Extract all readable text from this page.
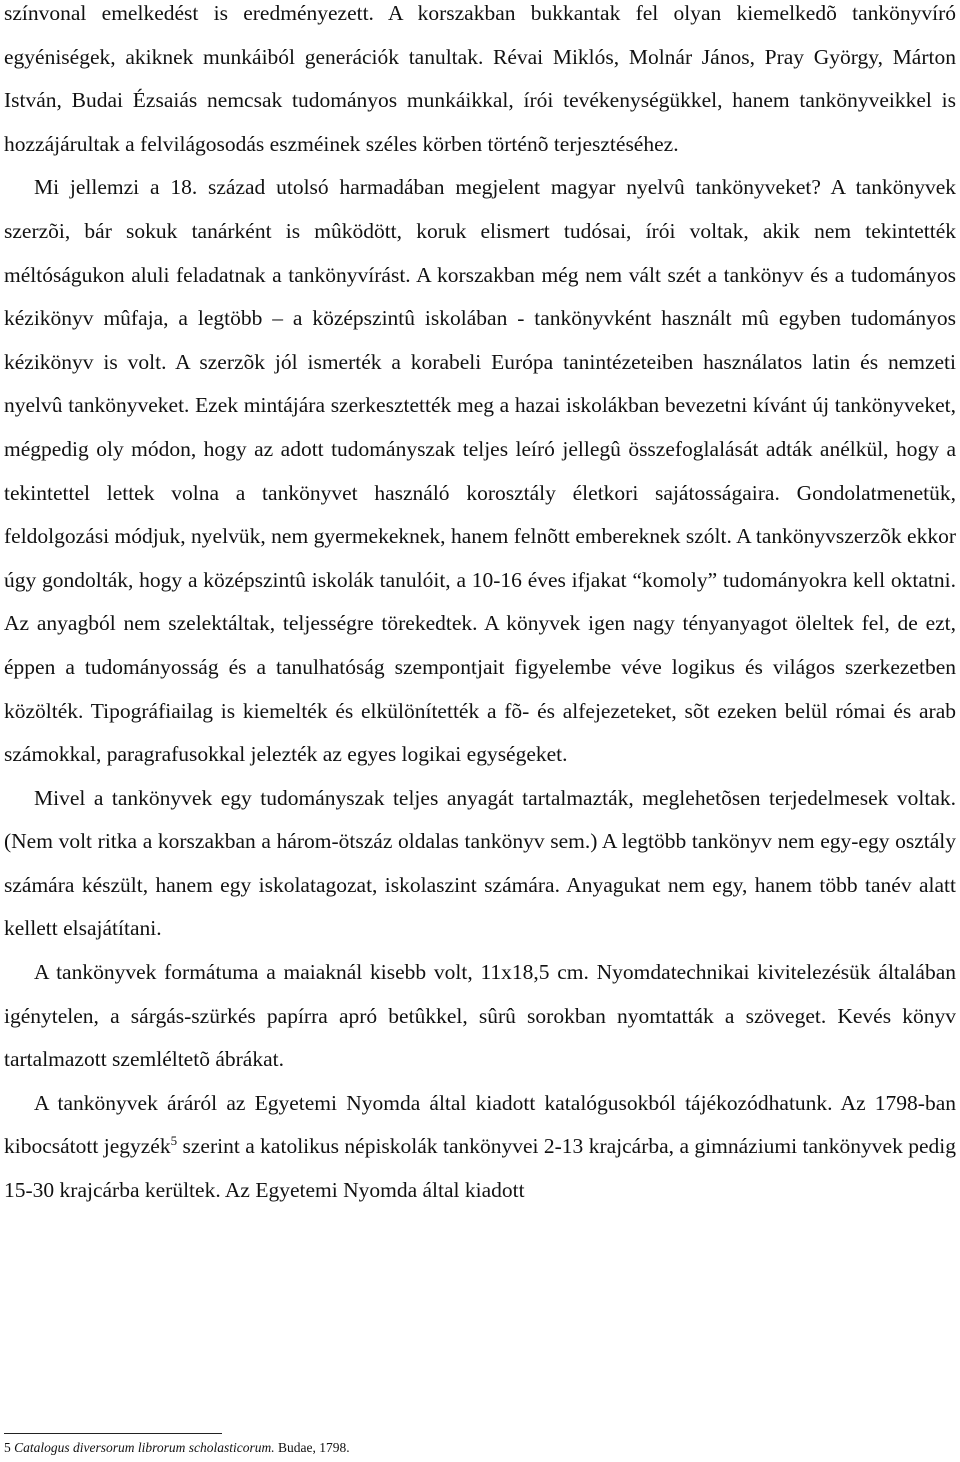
színvonal emelkedést is eredményezett. A korszakban bukkantak fel olyan kiemelkedõ tankönyvíró egyéniségek, akiknek munkáiból generációk tanultak. Révai Miklós, Molnár János, Pray György, Márton István, Budai Ézsaiás nemcsak tudományos munkáikkal, írói tevékenységükkel, hanem tankönyveikkel is hozzájárultak a felvilágosodás eszméinek széles körben történõ terjesztéséhez.

Mi jellemzi a 18. század utolsó harmadában megjelent magyar nyelvû tankönyveket? A tankönyvek szerzõi, bár sokuk tanárként is mûködött, koruk elismert tudósai, írói voltak, akik nem tekintették méltóságukon aluli feladatnak a tankönyvírást. A korszakban még nem vált szét a tankönyv és a tudományos kézikönyv mûfaja, a legtöbb – a középszintû iskolában - tankönyvként használt mû egyben tudományos kézikönyv is volt. A szerzõk jól ismerték a korabeli Európa tanintézeteiben használatos latin és nemzeti nyelvû tankönyveket. Ezek mintájára szerkesztették meg a hazai iskolákban bevezetni kívánt új tankönyveket, mégpedig oly módon, hogy az adott tudományszak teljes leíró jellegû összefoglalását adták anélkül, hogy a tekintettel lettek volna a tankönyvet használó korosztály életkori sajátosságaira. Gondolatmenetük, feldolgozási módjuk, nyelvük, nem gyermekeknek, hanem felnõtt embereknek szólt. A tankönyvszerzõk ekkor úgy gondolták, hogy a középszintû iskolák tanulóit, a 10-16 éves ifjakat “komoly” tudományokra kell oktatni. Az anyagból nem szelektáltak, teljességre törekedtek. A könyvek igen nagy tényanyagot öleltek fel, de ezt, éppen a tudományosság és a tanulhatóság szempontjait figyelembe véve logikus és világos szerkezetben közölték. Tipográfiailag is kiemelték és elkülönítették a fõ- és alfejezeteket, sõt ezeken belül római és arab számokkal, paragrafusokkal jelezték az egyes logikai egységeket.

Mivel a tankönyvek egy tudományszak teljes anyagát tartalmazták, meglehetõsen terjedelmesek voltak. (Nem volt ritka a korszakban a három-ötszáz oldalas tankönyv sem.) A legtöbb tankönyv nem egy-egy osztály számára készült, hanem egy iskolatagozat, iskolaszint számára. Anyagukat nem egy, hanem több tanév alatt kellett elsajátítani.

A tankönyvek formátuma a maiaknál kisebb volt, 11x18,5 cm. Nyomdatechnikai kivitelezésük általában igénytelen, a sárgás-szürkés papírra apró betûkkel, sûrû sorokban nyomtatták a szöveget. Kevés könyv tartalmazott szemléltetõ ábrákat.

A tankönyvek áráról az Egyetemi Nyomda által kiadott katalógusokból tájékozódhatunk. Az 1798-ban kibocsátott jegyzék$^5$ szerint a katolikus népiskolák tankönyvei 2-13 krajcárba, a gimnáziumi tankönyvek pedig 15-30 krajcárba kerültek. Az Egyetemi Nyomda által kiadott

5 Catalogus diversorum librorum scholasticorum. Budae, 1798.
